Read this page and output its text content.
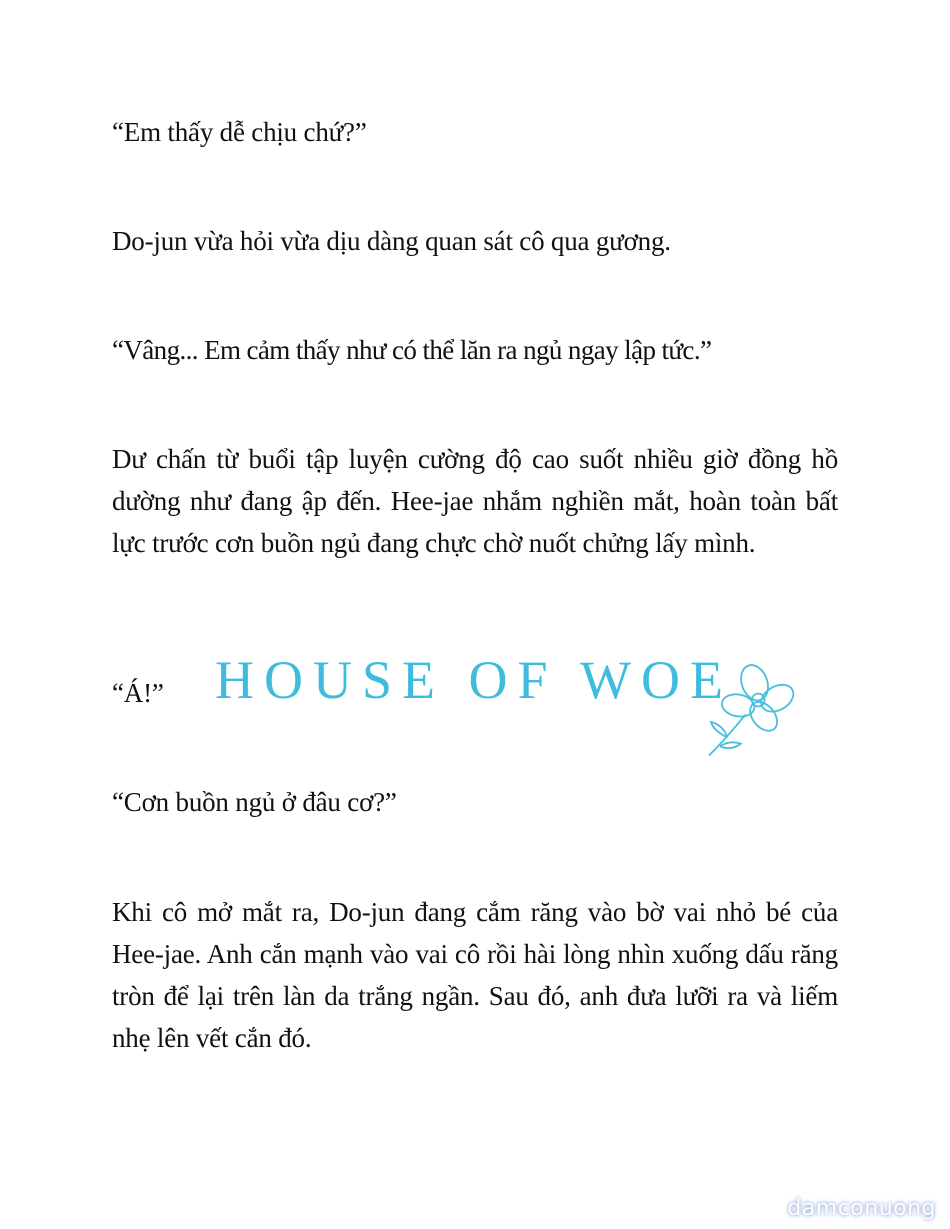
“Em thấy dễ chịu chứ?”

Do-jun vừa hỏi vừa dịu dàng quan sát cô qua gương.

“Vâng... Em cảm thấy như có thể lăn ra ngủ ngay lập tức.”

Dư chấn từ buổi tập luyện cường độ cao suốt nhiều giờ đồng hồ dường như đang ập đến. Hee-jae nhắm nghiền mắt, hoàn toàn bất lực trước cơn buồn ngủ đang chực chờ nuốt chửng lấy mình.

“Á!”

“Cơn buồn ngủ ở đâu cơ?”

Khi cô mở mắt ra, Do-jun đang cắm răng vào bờ vai nhỏ bé của Hee-jae. Anh cắn mạnh vào vai cô rồi hài lòng nhìn xuống dấu răng tròn để lại trên làn da trắng ngần. Sau đó, anh đưa lưỡi ra và liếm nhẹ lên vết cắn đó.

HOUSE OF WOE
damconuong
